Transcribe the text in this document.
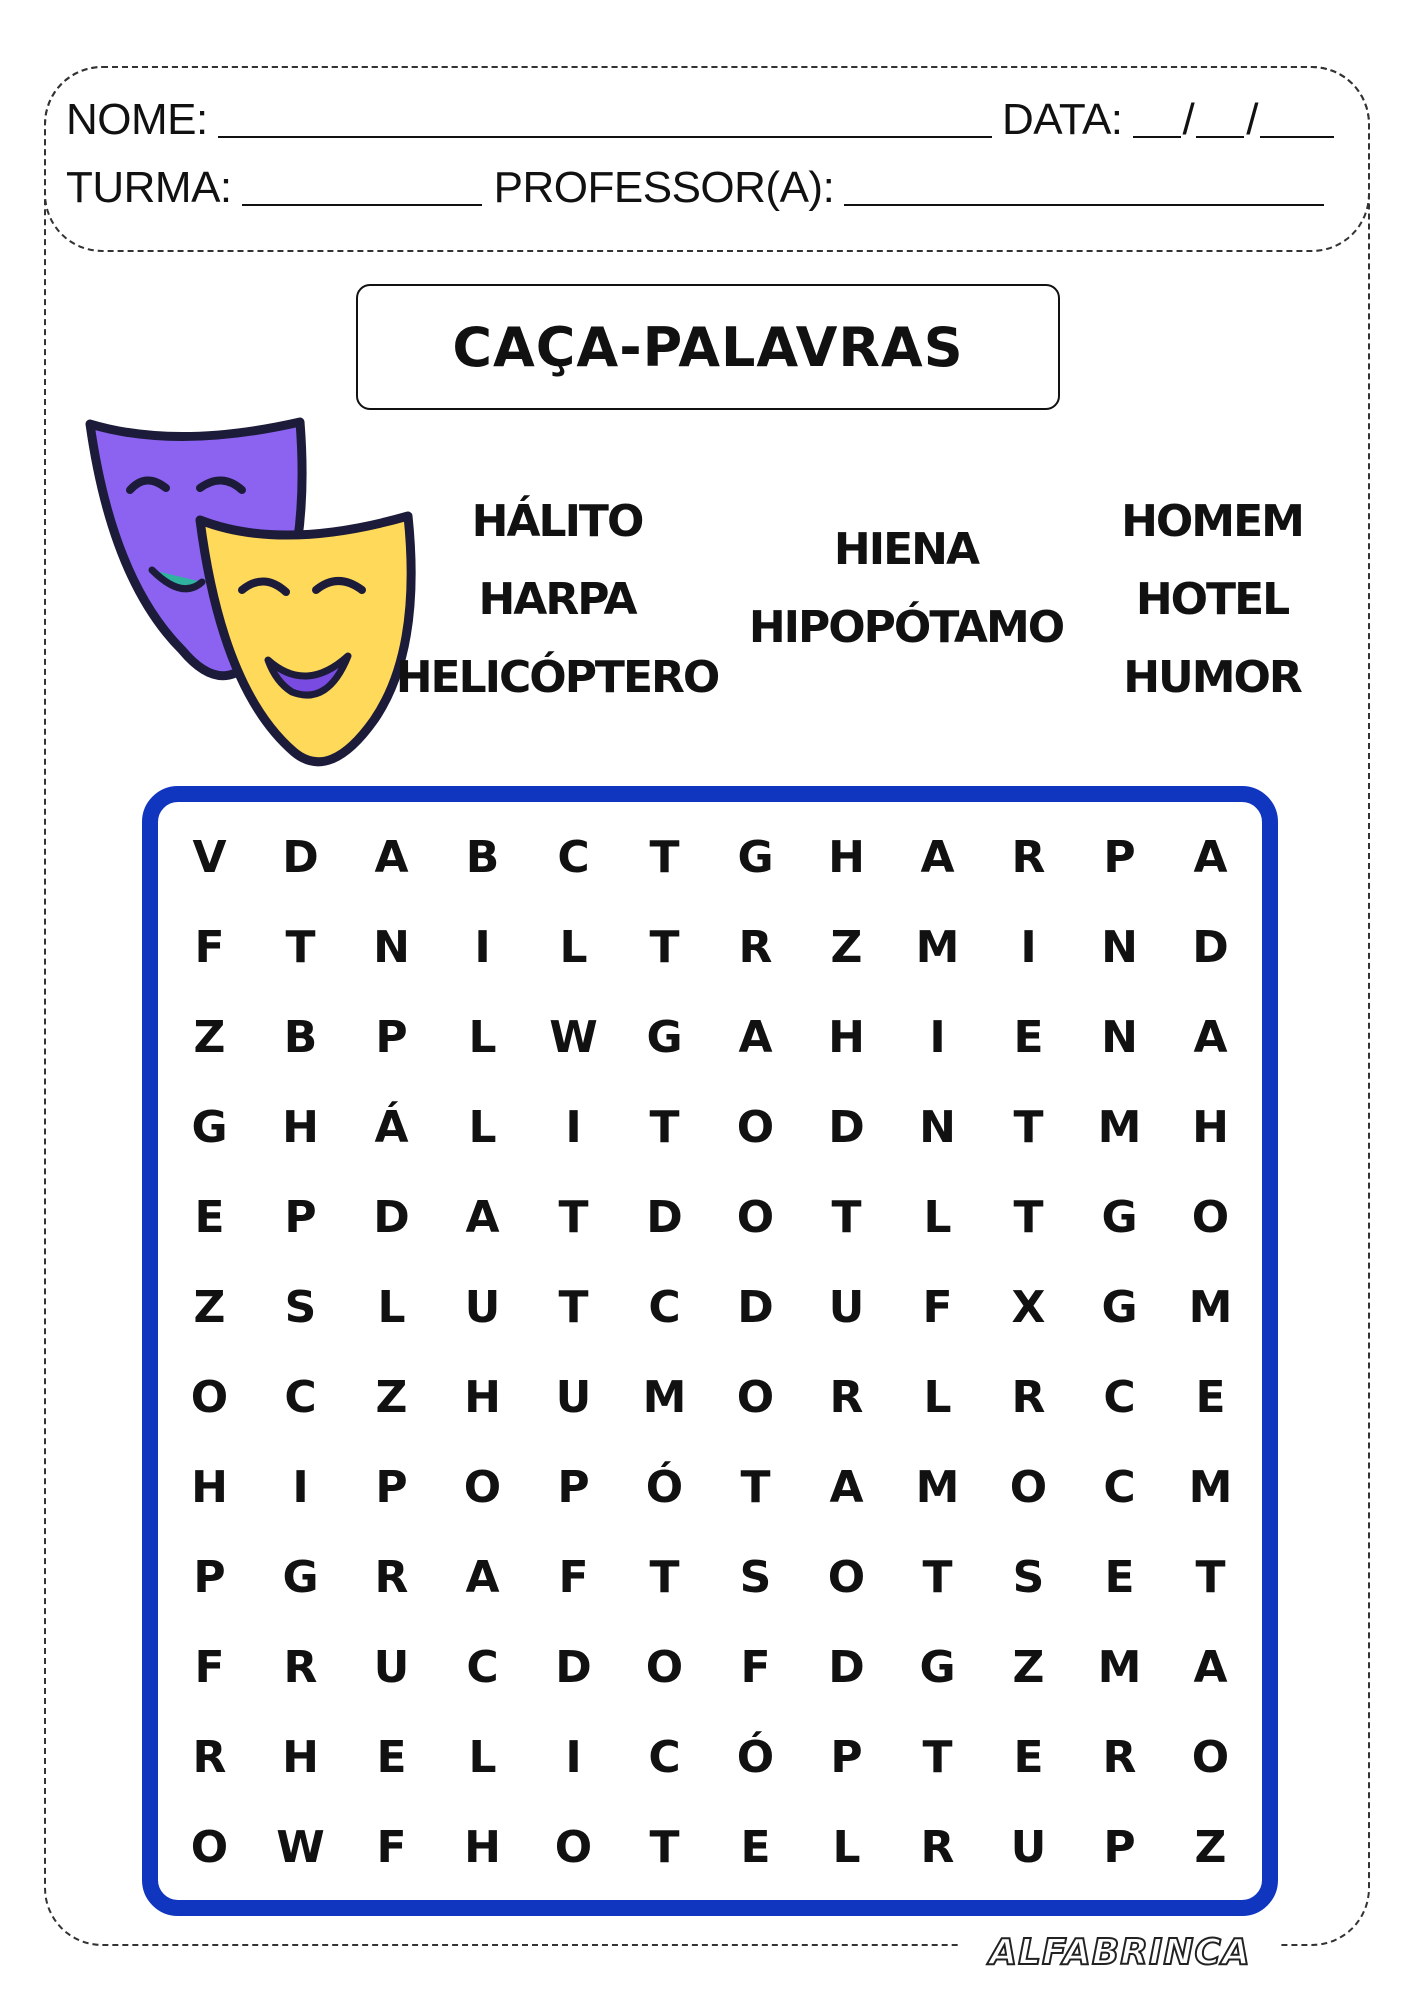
NOME:	DATA: / /
TURMA:	PROFESSOR(A):
CAÇA-PALAVRAS
HÁLITO
HARPA
HELICÓPTERO
HIENA
HIPOPÓTAMO
HOMEM
HOTEL
HUMOR
V	D	A	B	C	T	G	H	A	R	P	A
F	T	N	I	L	T	R	Z	M	I	N	D
Z	B	P	L	W	G	A	H	I	E	N	A
G	H	Á	L	I	T	O	D	N	T	M	H
E	P	D	A	T	D	O	T	L	T	G	O
Z	S	L	U	T	C	D	U	F	X	G	M
O	C	Z	H	U	M	O	R	L	R	C	E
H	I	P	O	P	Ó	T	A	M	O	C	M
P	G	R	A	F	T	S	O	T	S	E	T
F	R	U	C	D	O	F	D	G	Z	M	A
R	H	E	L	I	C	Ó	P	T	E	R	O
O	W	F	H	O	T	E	L	R	U	P	Z
ALFABRINCA
